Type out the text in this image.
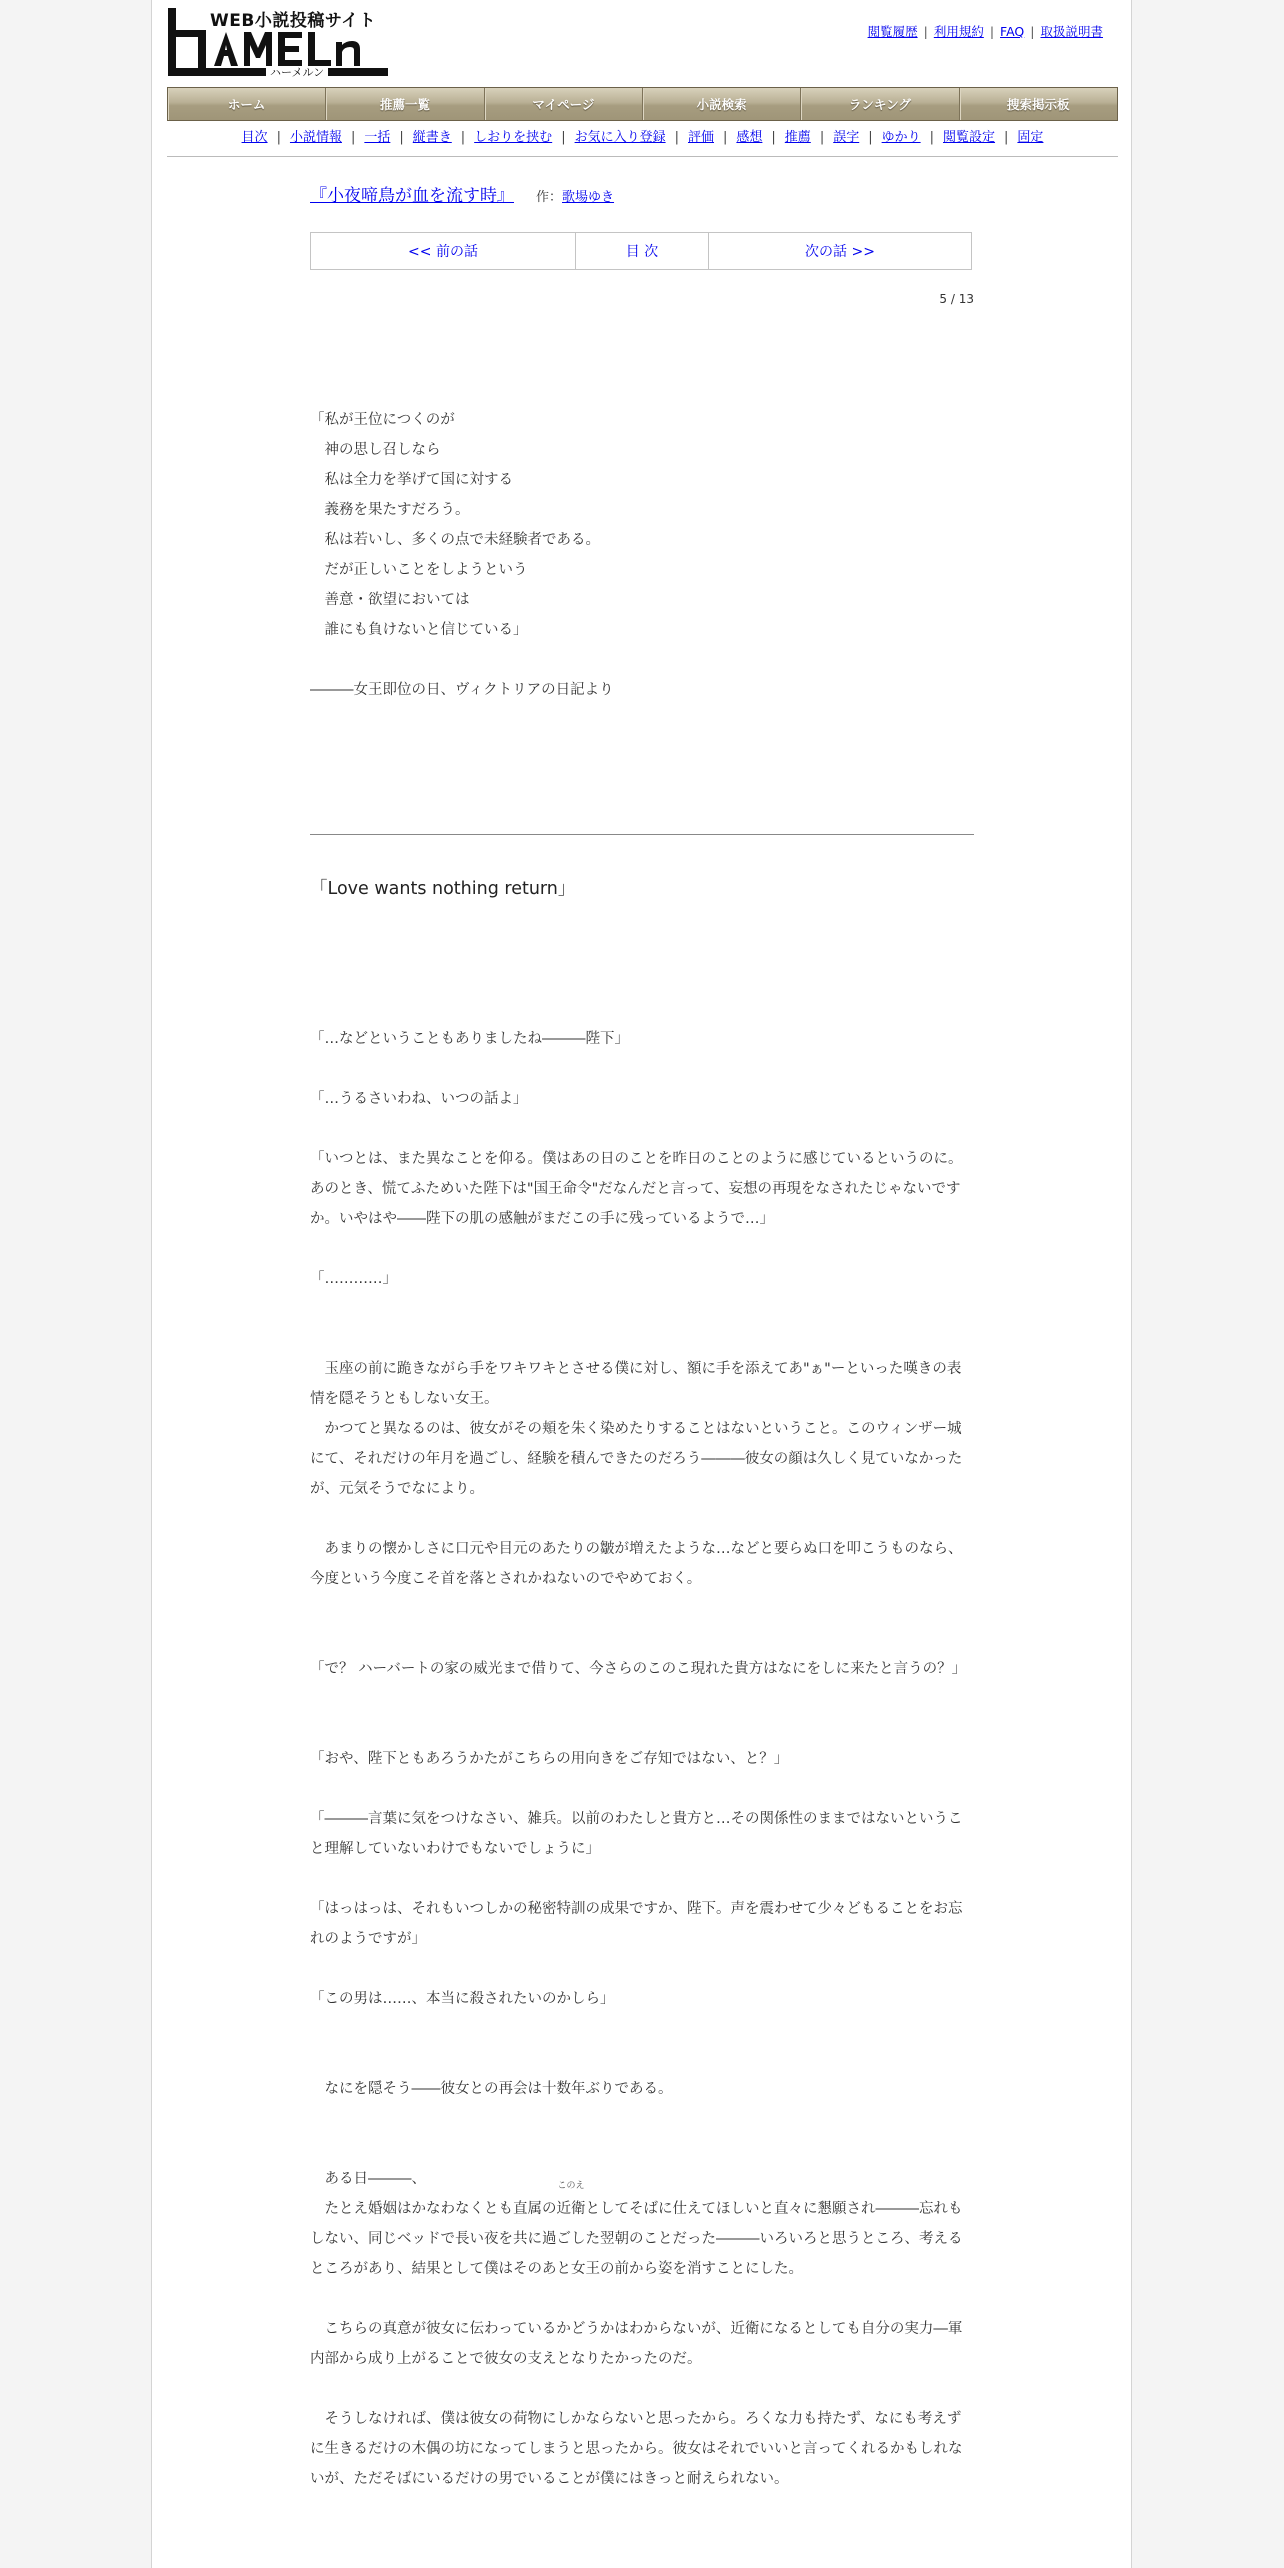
WEB小説投稿サイト
ハーメルン
閲覧履歴 | 利用規約 | FAQ | 取扱説明書
ホーム	推薦一覧	マイページ	小説検索	ランキング	捜索掲示板
目次 | 小説情報 | 一括 | 縦書き | しおりを挟む | お気に入り登録 | 評価 | 感想 | 推薦 | 誤字 | ゆかり | 閲覧設定 | 固定
『小夜啼鳥が血を流す時』 作：歌場ゆき
<< 前の話	目 次	次の話 >>
5 / 13

「私が王位につくのが

　神の思し召しなら

　私は全力を挙げて国に対する

　義務を果たすだろう。

　私は若いし、多くの点で未経験者である。

　だが正しいことをしようという

　善意・欲望においては

　誰にも負けないと信じている」

―――女王即位の日、ヴィクトリアの日記より
「Love wants nothing return」
「…などということもありましたね―――陛下」
「…うるさいわね、いつの話よ」
「いつとは、また異なことを仰る。僕はあの日のことを昨日のことのように感じているというのに。あのとき、慌てふためいた陛下は"国王命令"だなんだと言って、妄想の再現をなされたじゃないですか。いやはや――陛下の肌の感触がまだこの手に残っているようで…」
「…………」

　玉座の前に跪きながら手をワキワキとさせる僕に対し、額に手を添えてあ"ぁ"ーといった嘆きの表情を隠そうともしない女王。

　かつてと異なるのは、彼女がその頬を朱く染めたりすることはないということ。このウィンザー城にて、それだけの年月を過ごし、経験を積んできたのだろう―――彼女の顔は久しく見ていなかったが、元気そうでなにより。

　あまりの懐かしさに口元や目元のあたりの皺が増えたような…などと要らぬ口を叩こうものなら、今度という今度こそ首を落とされかねないのでやめておく。
「で？ ハーバートの家の威光まで借りて、今さらのこのこ現れた貴方はなにをしに来たと言うの？」
「おや、陛下ともあろうかたがこちらの用向きをご存知ではない、と？」
「―――言葉に気をつけなさい、雑兵。以前のわたしと貴方と…その関係性のままではないということ理解していないわけでもないでしょうに」
「はっはっは、それもいつしかの秘密特訓の成果ですか、陛下。声を震わせて少々どもることをお忘れのようですが」
「この男は……、本当に殺されたいのかしら」
　なにを隠そう――彼女との再会は十数年ぶりである。

　ある日―――、

　たとえ婚姻はかなわなくとも直属の
このえ
近衛としてそばに仕えてほしいと直々に懇願され―――忘れもしない、同じベッドで長い夜を共に過ごした翌朝のことだった―――いろいろと思うところ、考えるところがあり、結果として僕はそのあと女王の前から姿を消すことにした。

　こちらの真意が彼女に伝わっているかどうかはわからないが、近衛になるとしても自分の実力―軍内部から成り上がることで彼女の支えとなりたかったのだ。
　そうしなければ、僕は彼女の荷物にしかならないと思ったから。ろくな力も持たず、なにも考えずに生きるだけの木偶の坊になってしまうと思ったから。彼女はそれでいいと言ってくれるかもしれないが、ただそばにいるだけの男でいることが僕にはきっと耐えられない。
